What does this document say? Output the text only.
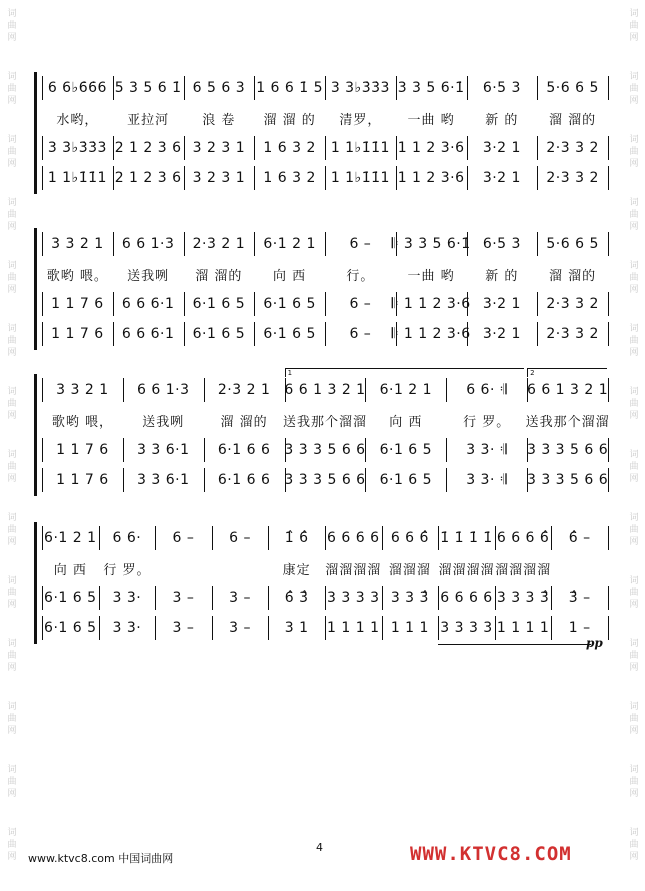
词
曲
网
词
曲
网
词
曲
网
词
曲
网
词
曲
网
词
曲
网
词
曲
网
词
曲
网
词
曲
网
词
曲
网
词
曲
网
词
曲
网
词
曲
网
词
曲
网
词
曲
网
词
曲
网
词
曲
网
词
曲
网
词
曲
网
词
曲
网
词
曲
网
词
曲
网
词
曲
网
词
曲
网
词
曲
网
词
曲
网
词
曲
网
词
曲
网
6 6♭6̇6̇6 5 3 5 6 1̇ 6 5 6 3 1 6 6 1̇ 5 3 3♭3̇3̇3 3 3 5 6·1̇	6·5 3	5·6 6 5
水哟，	亚拉河	浪 卷	溜 溜 的	清罗，	一曲 哟	新 的	溜 溜的
3 3♭3̇3̇3 2 1 2 3 6 3 2 3 1	1 6 3 2	1 1♭1̇1̇1 1 1 2 3·6	3·2 1	2·3 3 2
1 1♭1̇1̇1 2 1 2 3 6 3 2 3 1	1 6 3 2	1 1♭1̇1̇1 1 1 2 3·6	3·2 1	2·3 3 2
3 3 2 1	6 6 1·3	2·3 2 1	6·1 2 1	6 –	𝄆 3 3 5 6·1̇ 6·5 3	5·6 6 5
歌哟 喂。	送我咧	溜 溜的	向 西	行。	一曲 哟	新 的	溜 溜的
1 1 7 6	6 6 6·1	6·1 6 5	6·1 6 5	6 –	𝄆 1 1 2 3·6 3·2 1	2·3 3 2
1 1 7 6	6 6 6·1	6·1 6 5	6·1 6 5	6 –	𝄆 1 1 2 3·6 3·2 1	2·3 3 2
3 3 2 1	6 6 1·3	2·3 2 1	6 6 1 3 2 1	6·1 2 1	6 6· 𝄇	6 6 1 3 2 1
歌哟 喂，	送我咧	溜 溜的	送我那个溜溜	向 西	行 罗。	送我那个溜溜
1 1 7 6	3 3 6·1	6·1 6 6	3 3 3 5 6 6	6·1 6 5	3 3· 𝄇	3 3 3 5 6 6
1 1 7 6	3 3 6·1	6·1 6 6	3 3 3 5 6 6	6·1 6 5	3 3· 𝄇	3 3 3 5 6 6
1	2
6·1 2 1	6 6·	6 –	6 –	1̂ 6̂	6 6 6 6 6 6 6̂ 1̇ 1̇ 1̇ 1̇ 6 6 6 6̂	6̂ –
向 西	行 罗。	康定	溜溜溜溜 溜溜溜 溜溜溜溜 溜溜溜溜
6·1 6 5	3 3·	3 –	3 –	6̂ 3̂	3 3 3 3 3 3 3̂ 6 6 6 6 3 3 3 3̂	3̂ –
6·1 6 5	3 3·	3 –	3 –	3 1	1 1 1 1 1 1 1 3 3 3 3 1 1 1 1	1 –
pp
4
www.ktvc8.com 中国词曲网	WWW.KTVC8.COM
